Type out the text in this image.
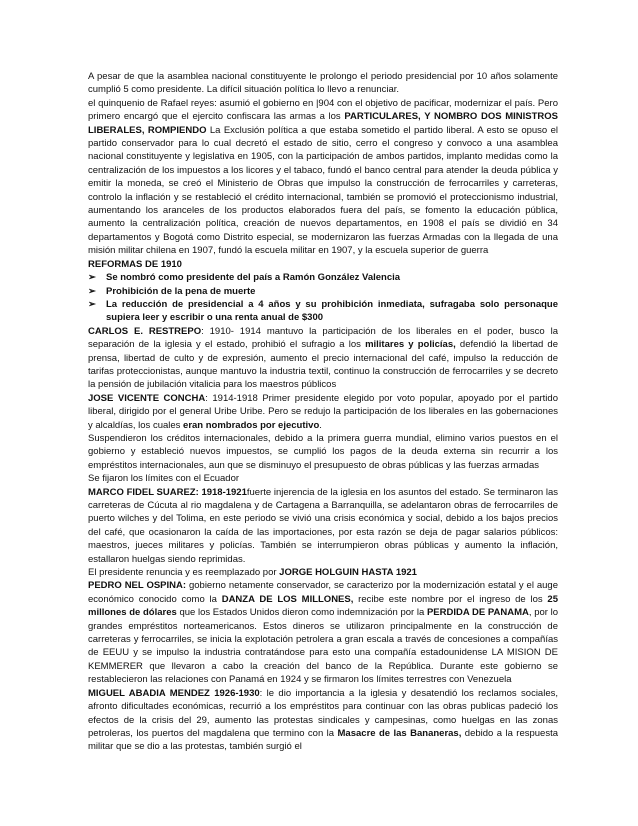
A pesar de que la asamblea nacional constituyente le prolongo el periodo presidencial por 10 años solamente cumplió 5 como presidente. La difícil situación política lo llevo a renunciar.

el quinquenio de Rafael reyes: asumió el gobierno en |904 con el objetivo de pacificar, modernizar el país. Pero primero encargó que el ejercito confiscara las armas a los PARTICULARES, Y NOMBRO DOS MINISTROS LIBERALES, ROMPIENDO La Exclusión política a que estaba sometido el partido liberal. A esto se opuso el partido conservador para lo cual decretó el estado de sitio, cerro el congreso y convoco a una asamblea nacional constituyente y legislativa en 1905, con la participación de ambos partidos, implanto medidas como la centralización de los impuestos a los licores y el tabaco, fundó el banco central para atender la deuda pública y emitir la moneda, se creó el Ministerio de Obras que impulso la construcción de ferrocarriles y carreteras, controlo la inflación y se restableció el crédito internacional, también se promovió el proteccionismo industrial, aumentando los aranceles de los productos elaborados fuera del país, se fomento la educación pública, aumento la centralización política, creación de nuevos departamentos, en 1908 el país se dividió en 34 departamentos y Bogotá como Distrito especial, se modernizaron las fuerzas Armadas con la llegada de una misión militar chilena en 1907, fundó la escuela militar en 1907, y la escuela superior de guerra

REFORMAS DE 1910

➢	Se nombró como presidente del país a Ramón González Valencia
➢	Prohibición de la pena de muerte
➢	La reducción de presidencial a 4 años y su prohibición inmediata, sufragaba solo personaque supiera leer y escribir o una renta anual de $300

CARLOS E. RESTREPO: 1910- 1914 mantuvo la participación de los liberales en el poder, busco la separación de la iglesia y el estado, prohibió el sufragio a los militares y policías, defendió la libertad de prensa, libertad de culto y de expresión, aumento el precio internacional del café, impulso la reducción de tarifas proteccionistas, aunque mantuvo la industria textil, continuo la construcción de ferrocarriles y se decreto la pensión de jubilación vitalicia para los maestros públicos

JOSE VICENTE CONCHA: 1914-1918 Primer presidente elegido por voto popular, apoyado por el partido liberal, dirigido por el general Uribe Uribe. Pero se redujo la participación de los liberales en las gobernaciones y alcaldías, los cuales eran nombrados por ejecutivo.

Suspendieron los créditos internacionales, debido a la primera guerra mundial, elimino varios puestos en el gobierno y estableció nuevos impuestos, se cumplió los pagos de la deuda externa sin recurrir a los empréstitos internacionales, aun que se disminuyo el presupuesto de obras públicas y las fuerzas armadas

Se fijaron los límites con el Ecuador

MARCO FIDEL SUAREZ: 1918-1921fuerte injerencia de la iglesia en los asuntos del estado. Se terminaron las carreteras de Cúcuta al rio magdalena y de Cartagena a Barranquilla, se adelantaron obras de ferrocarriles de puerto wilches y del Tolima, en este periodo se vivió una crisis económica y social, debido a los bajos precios del café, que ocasionaron la caída de las importaciones, por esta razón se deja de pagar salarios públicos: maestros, jueces militares y policías. También se interrumpieron obras públicas y aumento la inflación, estallaron huelgas siendo reprimidas.

El presidente renuncia y es reemplazado por JORGE HOLGUIN HASTA 1921

PEDRO NEL OSPINA: gobierno netamente conservador, se caracterizo por la modernización estatal y el auge económico conocido como la DANZA DE LOS MILLONES, recibe este nombre por el ingreso de los 25 millones de dólares que los Estados Unidos dieron como indemnización por la PERDIDA DE PANAMA, por lo grandes empréstitos norteamericanos. Estos dineros se utilizaron principalmente en la construcción de carreteras y ferrocarriles, se inicia la explotación petrolera a gran escala a través de concesiones a compañías de EEUU y se impulso la industria contratándose para esto una compañía estadounidense LA MISION DE KEMMERER que llevaron a cabo la creación del banco de la República. Durante este gobierno se restablecieron las relaciones con Panamá en 1924 y se firmaron los límites terrestres con Venezuela

MIGUEL ABADIA MENDEZ 1926-1930: le dio importancia a la iglesia y desatendió los reclamos sociales, afronto dificultades económicas, recurrió a los empréstitos para continuar con las obras publicas padeció los efectos de la crisis del 29, aumento las protestas sindicales y campesinas, como huelgas en las zonas petroleras, los puertos del magdalena que termino con la Masacre de las Bananeras, debido a la respuesta militar que se dio a las protestas, también surgió el
